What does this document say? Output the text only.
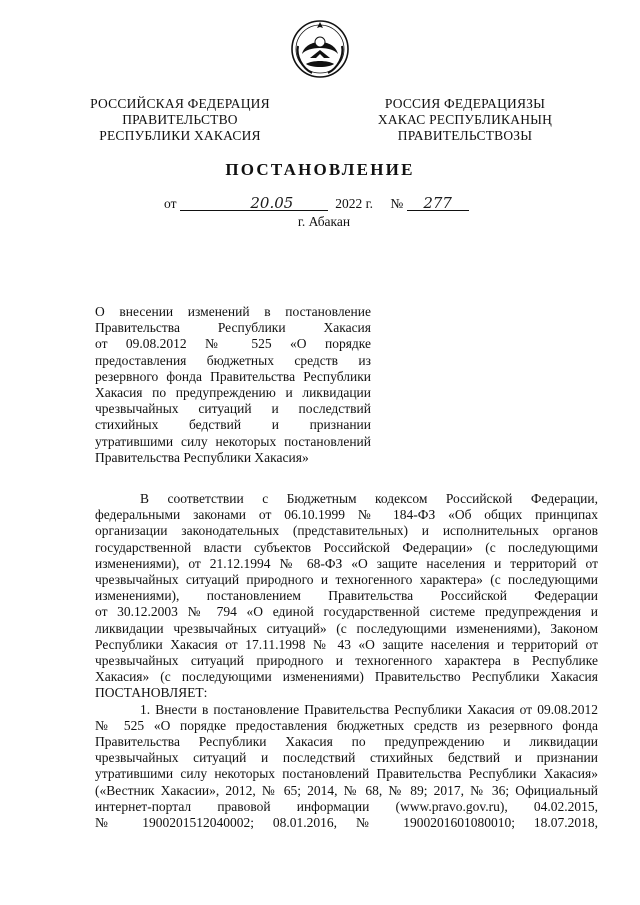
РОССИЙСКАЯ ФЕДЕРАЦИЯ
ПРАВИТЕЛЬСТВО
РЕСПУБЛИКИ ХАКАСИЯ
РОССИЯ ФЕДЕРАЦИЯЗЫ
ХАКАС РЕСПУБЛИКАНЫҢ
ПРАВИТЕЛЬСТВОЗЫ
ПОСТАНОВЛЕНИЕ
от	20.05	2022 г. № 277
г. Абакан
О внесении изменений в постановление
Правительства Республики Хакасия
от 09.08.2012 № 525 «О порядке
предоставления бюджетных средств из
резервного фонда Правительства Республики
Хакасия по предупреждению и ликвидации
чрезвычайных ситуаций и последствий
стихийных бедствий и признании
утратившими силу некоторых постановлений
Правительства Республики Хакасия»
В соответствии с Бюджетным кодексом Российской Федерации,
федеральными законами от 06.10.1999 № 184-ФЗ «Об общих принципах
организации законодательных (представительных) и исполнительных органов
государственной власти субъектов Российской Федерации» (с последующими
изменениями), от 21.12.1994 № 68-ФЗ «О защите населения и территорий от
чрезвычайных ситуаций природного и техногенного характера» (с последующими
изменениями), постановлением Правительства Российской Федерации
от 30.12.2003 № 794 «О единой государственной системе предупреждения и
ликвидации чрезвычайных ситуаций» (с последующими изменениями), Законом
Республики Хакасия от 17.11.1998 № 43 «О защите населения и территорий от
чрезвычайных ситуаций природного и техногенного характера в Республике
Хакасия» (с последующими изменениями) Правительство Республики Хакасия
ПОСТАНОВЛЯЕТ:
1. Внести в постановление Правительства Республики Хакасия от 09.08.2012
№ 525 «О порядке предоставления бюджетных средств из резервного фонда
Правительства Республики Хакасия по предупреждению и ликвидации
чрезвычайных ситуаций и последствий стихийных бедствий и признании
утратившими силу некоторых постановлений Правительства Республики Хакасия»
(«Вестник Хакасии», 2012, № 65; 2014, № 68, № 89; 2017, № 36; Официальный
интернет-портал правовой информации (www.pravo.gov.ru), 04.02.2015,
№ 1900201512040002; 08.01.2016, № 1900201601080010; 18.07.2018,
